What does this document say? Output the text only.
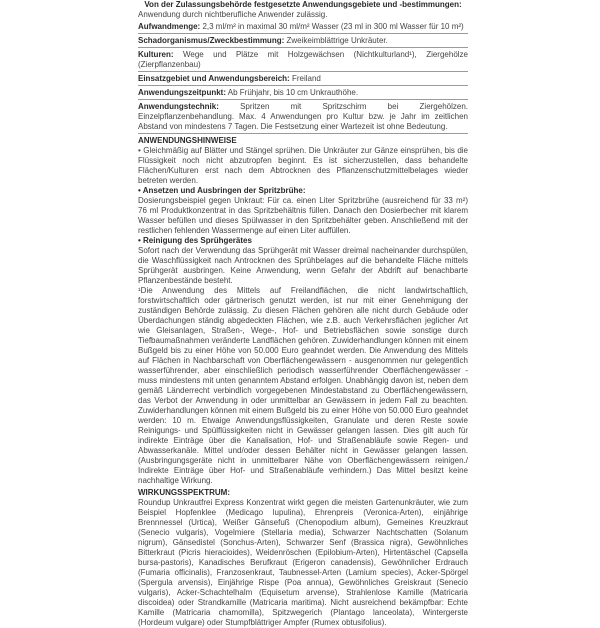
Von der Zulassungsbehörde festgesetzte Anwendungsgebiete und -bestimmungen:
Anwendung durch nichtberufliche Anwender zulässig.
Aufwandmenge: 2,3 ml/m² in maximal 30 ml/m² Wasser (23 ml in 300 ml Wasser für 10 m²)
Schadorganismus/Zweckbestimmung: Zweikeimblättrige Unkräuter.
Kulturen: Wege und Plätze mit Holzgewächsen (Nichtkulturland¹), Ziergehölze (Zierpflanzenbau)
Einsatzgebiet und Anwendungsbereich: Freiland
Anwendungszeitpunkt: Ab Frühjahr, bis 10 cm Unkrauthöhe.
Anwendungstechnik: Spritzen mit Spritzschirm bei Ziergehölzen. Einzelpflanzenbehandlung. Max. 4 Anwendungen pro Kultur bzw. je Jahr im zeitlichen Abstand von mindestens 7 Tagen. Die Festsetzung einer Wartezeit ist ohne Bedeutung.
ANWENDUNGSHINWEISE
• Gleichmäßig auf Blätter und Stängel sprühen. Die Unkräuter zur Gänze einsprühen, bis die Flüssigkeit noch nicht abzutropfen beginnt. Es ist sicherzustellen, dass behandelte Flächen/Kulturen erst nach dem Abtrocknen des Pflanzenschutzmittelbelages wieder betreten werden.
• Ansetzen und Ausbringen der Spritzbrühe:
Dosierungsbeispiel gegen Unkraut: Für ca. einen Liter Spritzbrühe (ausreichend für 33 m²) 76 ml Produktkonzentrat in das Spritzbehältnis füllen. Danach den Dosierbecher mit klarem Wasser befüllen und dieses Spülwasser in den Spritzbehälter geben. Anschließend mit der restlichen fehlenden Wassermenge auf einen Liter auffüllen.
• Reinigung des Sprühgerätes
Sofort nach der Verwendung das Sprühgerät mit Wasser dreimal nacheinander durchspülen, die Waschflüssigkeit nach Antrocknen des Sprühbelages auf die behandelte Fläche mittels Sprühgerät ausbringen. Keine Anwendung, wenn Gefahr der Abdrift auf benachbarte Pflanzenbestände besteht.
¹Die Anwendung des Mittels auf Freilandflächen, die nicht landwirtschaftlich, forstwirtschaftlich oder gärtnerisch genutzt werden, ist nur mit einer Genehmigung der zuständigen Behörde zulässig. Zu diesen Flächen gehören alle nicht durch Gebäude oder Überdachungen ständig abgedeckten Flächen, wie z.B. auch Verkehrsflächen jeglicher Art wie Gleisanlagen, Straßen-, Wege-, Hof- und Betriebsflächen sowie sonstige durch Tiefbaumaßnahmen veränderte Landflächen gehören. Zuwiderhandlungen können mit einem Bußgeld bis zu einer Höhe von 50.000 Euro geahndet werden. Die Anwendung des Mittels auf Flächen in Nachbarschaft von Oberflächengewässern - ausgenommen nur gelegentlich wasserführender, aber einschließlich periodisch wasserführender Oberflächengewässer - muss mindestens mit unten genanntem Abstand erfolgen. Unabhängig davon ist, neben dem gemäß Länderrecht verbindlich vorgegebenen Mindestabstand zu Oberflächengewässern, das Verbot der Anwendung in oder unmittelbar an Gewässern in jedem Fall zu beachten. Zuwiderhandlungen können mit einem Bußgeld bis zu einer Höhe von 50.000 Euro geahndet werden: 10 m. Etwaige Anwendungsflüssigkeiten, Granulate und deren Reste sowie Reinigungs- und Spülflüssigkeiten nicht in Gewässer gelangen lassen. Dies gilt auch für indirekte Einträge über die Kanalisation, Hof- und Straßenabläufe sowie Regen- und Abwasserkanäle. Mittel und/oder dessen Behälter nicht in Gewässer gelangen lassen. (Ausbringungsgeräte nicht in unmittelbarer Nähe von Oberflächengewässern reinigen./ Indirekte Einträge über Hof- und Straßenabläufe verhindern.) Das Mittel besitzt keine nachhaltige Wirkung.
WIRKUNGSSPEKTRUM:
Roundup Unkrautfrei Express Konzentrat wirkt gegen die meisten Gartenunkräuter, wie zum Beispiel Hopfenklee (Medicago lupulina), Ehrenpreis (Veronica-Arten), einjährige Brennnessel (Urtica), Weißer Gänsefuß (Chenopodium album), Gemeines Kreuzkraut (Senecio vulgaris), Vogelmiere (Stellaria media), Schwarzer Nachtschatten (Solanum nigrum), Gänsedistel (Sonchus-Arten), Schwarzer Senf (Brassica nigra), Gewöhnliches Bitterkraut (Picris hieracioides), Weidenröschen (Epilobium-Arten), Hirtentäschel (Capsella bursa-pastoris), Kanadisches Berufkraut (Erigeron canadensis), Gewöhnlicher Erdrauch (Fumaria officinalis), Franzosenkraut, Taubnessel-Arten (Lamium species), Acker-Spörgel (Spergula arvensis), Einjährige Rispe (Poa annua), Gewöhnliches Greiskraut (Senecio vulgaris), Acker-Schachtelhalm (Equisetum arvense), Strahlenlose Kamille (Matricaria discoidea) oder Strandkamille (Matricaria maritima). Nicht ausreichend bekämpfbar: Echte Kamille (Matricaria chamomilla), Spitzwegerich (Plantago lanceolata), Wintergerste (Hordeum vulgare) oder Stumpfblättriger Ampfer (Rumex obtusifolius).
